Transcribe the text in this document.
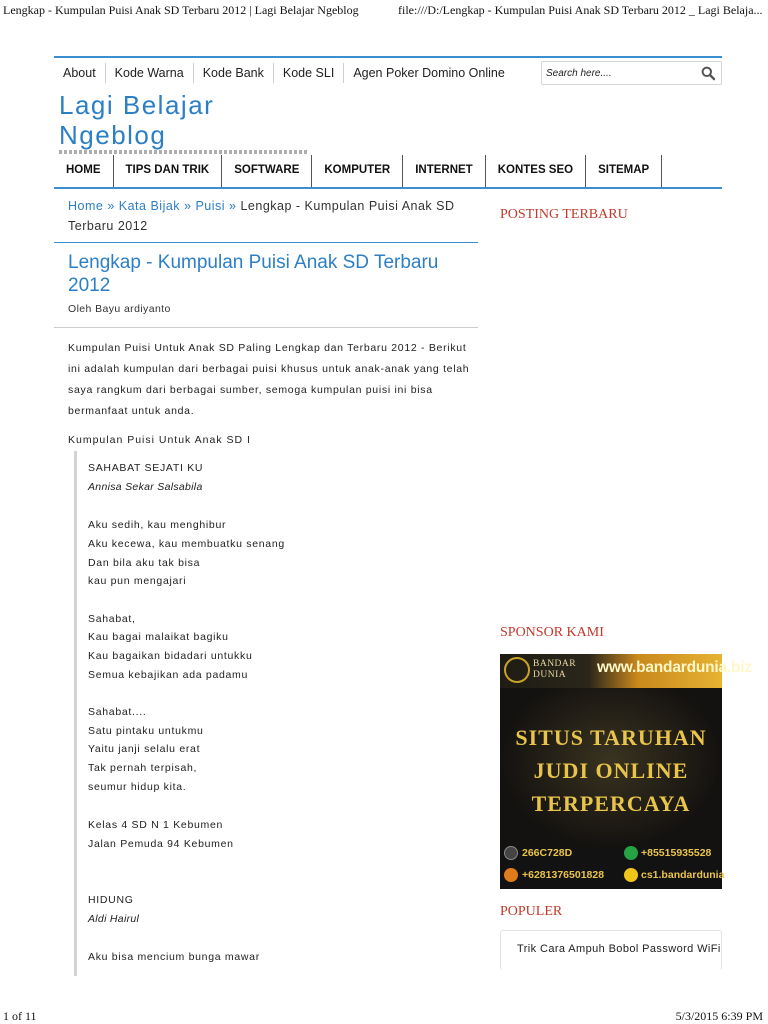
Lengkap - Kumpulan Puisi Anak SD Terbaru 2012 | Lagi Belajar Ngeblog	file:///D:/Lengkap - Kumpulan Puisi Anak SD Terbaru 2012 _ Lagi Belaja...
About	Kode Warna	Kode Bank	Kode SLI	Agen Poker Domino Online
Search here....
Lagi Belajar Ngeblog
HOME	TIPS DAN TRIK	SOFTWARE	KOMPUTER	INTERNET	KONTES SEO	SITEMAP
Home » Kata Bijak » Puisi » Lengkap - Kumpulan Puisi Anak SD Terbaru 2012
Lengkap - Kumpulan Puisi Anak SD Terbaru 2012
Oleh Bayu ardiyanto

Kumpulan Puisi Untuk Anak SD Paling Lengkap dan Terbaru 2012 - Berikut ini adalah kumpulan dari berbagai puisi khusus untuk anak-anak yang telah saya rangkum dari berbagai sumber, semoga kumpulan puisi ini bisa bermanfaat untuk anda.

Kumpulan Puisi Untuk Anak SD I
SAHABAT SEJATI KU
Annisa Sekar Salsabila
Aku sedih, kau menghibur
Aku kecewa, kau membuatku senang
Dan bila aku tak bisa
kau pun mengajari
Sahabat,
Kau bagai malaikat bagiku
Kau bagaikan bidadari untukku
Semua kebajikan ada padamu
Sahabat....
Satu pintaku untukmu
Yaitu janji selalu erat
Tak pernah terpisah,
seumur hidup kita.
Kelas 4 SD N 1 Kebumen
Jalan Pemuda 94 Kebumen
HIDUNG
Aldi Hairul
Aku bisa mencium bunga mawar
POSTING TERBARU
SPONSOR KAMI
BANDAR
DUNIA	www.bandardunia.biz
SITUS TARUHAN
JUDI ONLINE
TERPERCAYA
266C728D	+85515935528
+6281376501828	cs1.bandardunia
POPULER
Trik Cara Ampuh Bobol Password WiFi
1 of 11	5/3/2015 6:39 PM
